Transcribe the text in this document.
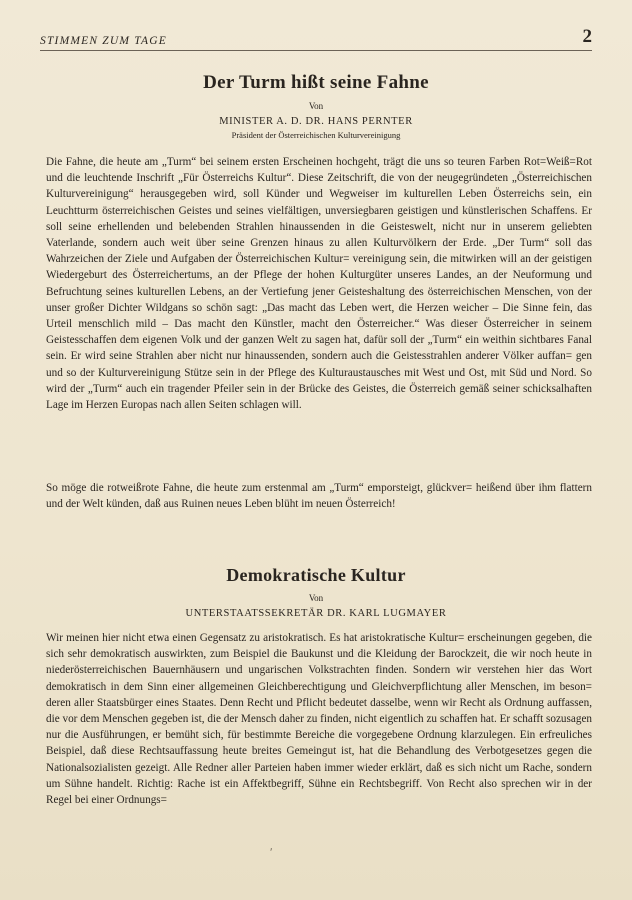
STIMMEN ZUM TAGE	2
Der Turm hißt seine Fahne
Von
MINISTER A. D. DR. HANS PERNTER
Präsident der Österreichischen Kulturvereinigung

Die Fahne, die heute am „Turm“ bei seinem ersten Erscheinen hochgeht, trägt die uns so teuren Farben Rot=Weiß=Rot und die leuchtende Inschrift „Für Österreichs Kultur“. Diese Zeitschrift, die von der neugegründeten „Österreichischen Kulturvereinigung“ herausgegeben wird, soll Künder und Wegweiser im kulturellen Leben Österreichs sein, ein Leuchtturm österreichischen Geistes und seines vielfältigen, unversiegbaren geistigen und künstlerischen Schaffens. Er soll seine erhellenden und belebenden Strahlen hinaussenden in die Geisteswelt, nicht nur in unserem geliebten Vaterlande, sondern auch weit über seine Grenzen hinaus zu allen Kulturvölkern der Erde. „Der Turm“ soll das Wahrzeichen der Ziele und Aufgaben der Österreichischen Kultur= vereinigung sein, die mitwirken will an der geistigen Wiedergeburt des Österreichertums, an der Pflege der hohen Kulturgüter unseres Landes, an der Neuformung und Befruchtung seines kulturellen Lebens, an der Vertiefung jener Geisteshaltung des österreichischen Menschen, von der unser großer Dichter Wildgans so schön sagt: „Das macht das Leben wert, die Herzen weicher – Die Sinne fein, das Urteil menschlich mild – Das macht den Künstler, macht den Österreicher.“ Was dieser Österreicher in seinem Geistesschaffen dem eigenen Volk und der ganzen Welt zu sagen hat, dafür soll der „Turm“ ein weithin sichtbares Fanal sein. Er wird seine Strahlen aber nicht nur hinaussenden, sondern auch die Geistesstrahlen anderer Völker auffan= gen und so der Kulturvereinigung Stütze sein in der Pflege des Kulturaustausches mit West und Ost, mit Süd und Nord. So wird der „Turm“ auch ein tragender Pfeiler sein in der Brücke des Geistes, die Österreich gemäß seiner schicksalhaften Lage im Herzen Europas nach allen Seiten schlagen will.

So möge die rotweißrote Fahne, die heute zum erstenmal am „Turm“ emporsteigt, glückver= heißend über ihm flattern und der Welt künden, daß aus Ruinen neues Leben blüht im neuen Österreich!

Demokratische Kultur
Von
UNTERSTAATSSEKRETÄR DR. KARL LUGMAYER

Wir meinen hier nicht etwa einen Gegensatz zu aristokratisch. Es hat aristokratische Kultur= erscheinungen gegeben, die sich sehr demokratisch auswirkten, zum Beispiel die Baukunst und die Kleidung der Barockzeit, die wir noch heute in niederösterreichischen Bauernhäusern und ungarischen Volkstrachten finden. Sondern wir verstehen hier das Wort demokratisch in dem Sinn einer allgemeinen Gleichberechtigung und Gleichverpflichtung aller Menschen, im beson= deren aller Staatsbürger eines Staates. Denn Recht und Pflicht bedeutet dasselbe, wenn wir Recht als Ordnung auffassen, die vor dem Menschen gegeben ist, die der Mensch daher zu finden, nicht eigentlich zu schaffen hat. Er schafft sozusagen nur die Ausführungen, er bemüht sich, für bestimmte Bereiche die vorgegebene Ordnung klarzulegen. Ein erfreuliches Beispiel, daß diese Rechtsauffassung heute breites Gemeingut ist, hat die Behandlung des Verbotgesetzes gegen die Nationalsozialisten gezeigt. Alle Redner aller Parteien haben immer wieder erklärt, daß es sich nicht um Rache, sondern um Sühne handelt. Richtig: Rache ist ein Affektbegriff, Sühne ein Rechtsbegriff. Von Recht also sprechen wir in der Regel bei einer Ordnungs=

ʹ
